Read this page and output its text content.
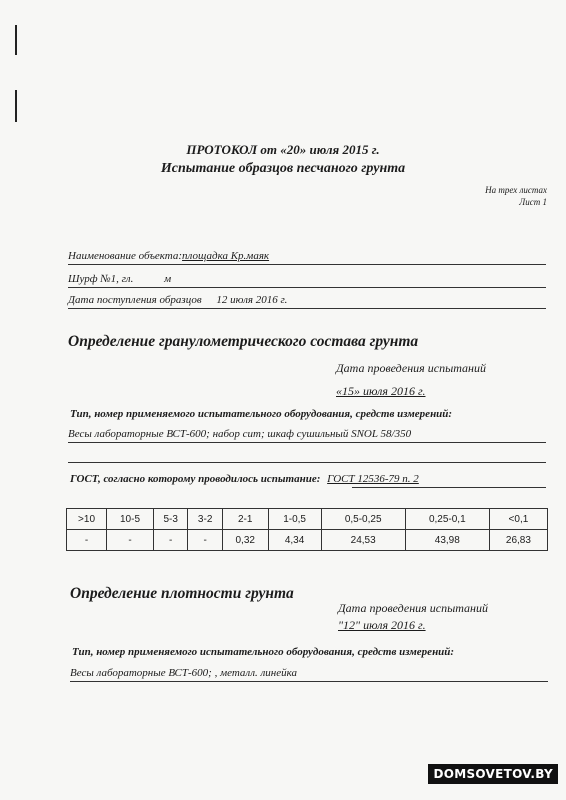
ПРОТОКОЛ от «20» июля 2015 г.
Испытание образцов песчаного грунта
На трех листах
Лист 1
Наименование объекта:площадка Кр.маяк
Шурф №1, гл.	м
Дата поступления образцов 12 июля 2016 г.
Определение гранулометрического состава грунта
Дата проведения испытаний
«15» июля 2016 г.
Тип, номер применяемого испытательного оборудования, средств измерений:
Весы лабораторные ВСТ-600; набор сит; шкаф сушильный SNOL 58/350
ГОСТ, согласно которому проводилось испытание: ГОСТ 12536-79 п. 2
>10	10-5	5-3	3-2	2-1	1-0,5	0,5-0,25	0,25-0,1	<0,1
-	-	-	-	0,32	4,34	24,53	43,98	26,83
Определение плотности грунта
Дата проведения испытаний
"12" июля 2016 г.
Тип, номер применяемого испытательного оборудования, средств измерений:
Весы лабораторные ВСТ-600; , металл. линейка
DOMSOVETOV.BY
